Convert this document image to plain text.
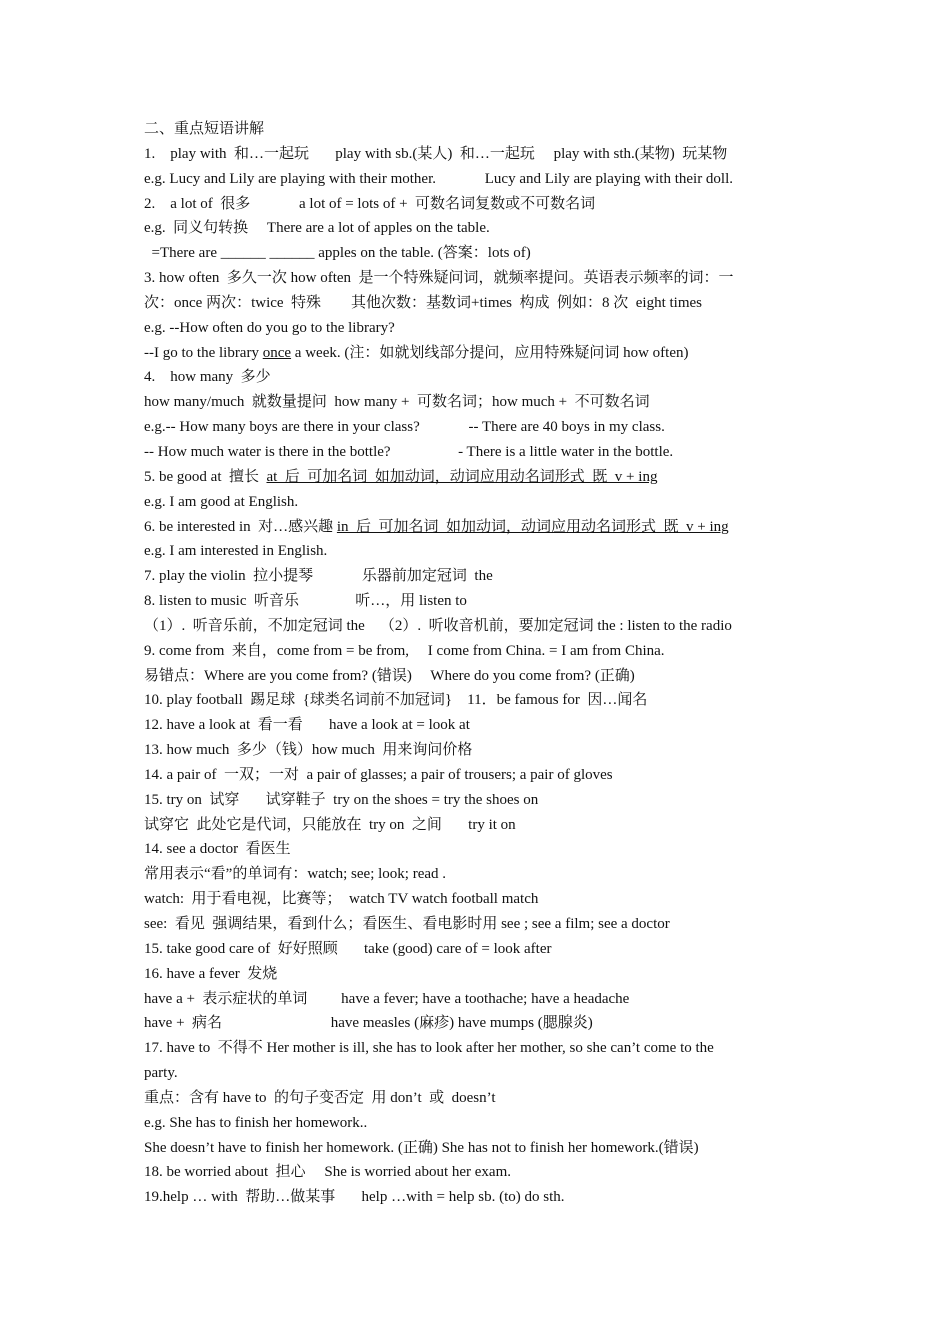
二、重点短语讲解
1.    play with  和…一起玩       play with sb.(某人)  和…一起玩     play with sth.(某物)  玩某物
e.g. Lucy and Lily are playing with their mother.             Lucy and Lily are playing with their doll.
2.    a lot of  很多             a lot of = lots of +  可数名词复数或不可数名词
e.g.  同义句转换     There are a lot of apples on the table.
=There are ______ ______ apples on the table. (答案：lots of)
3. how often  多久一次 how often  是一个特殊疑问词，就频率提问。英语表示频率的词：一
次：once 两次：twice  特殊        其他次数：基数词+times  构成  例如：8 次  eight times
e.g. --How often do you go to the library?
--I go to the library once a week. (注：如就划线部分提问，应用特殊疑问词 how often)
4.    how many  多少
how many/much  就数量提问  how many +  可数名词；how much +  不可数名词
e.g.-- How many boys are there in your class?             -- There are 40 boys in my class.
-- How much water is there in the bottle?                  - There is a little water in the bottle.
5. be good at  擅长  at  后  可加名词  如加动词，动词应用动名词形式  既  v + ing
e.g. I am good at English.
6. be interested in  对…感兴趣 in  后  可加名词  如加动词，动词应用动名词形式  既  v + ing
e.g. I am interested in English.
7. play the violin  拉小提琴             乐器前加定冠词  the
8. listen to music  听音乐               听…，用 listen to
（1）.  听音乐前，不加定冠词 the    （2）.  听收音机前，要加定冠词 the : listen to the radio
9. come from  来自，come from = be from,     I come from China. = I am from China.
易错点：Where are you come from? (错误)     Where do you come from? (正确)
10. play football  踢足球  {球类名词前不加冠词}    11．be famous for  因…闻名
12. have a look at  看一看       have a look at = look at
13. how much  多少（钱）how much  用来询问价格
14. a pair of  一双；一对  a pair of glasses; a pair of trousers; a pair of gloves
15. try on  试穿       试穿鞋子  try on the shoes = try the shoes on
试穿它  此处它是代词，只能放在  try on  之间       try it on
14. see a doctor  看医生
常用表示“看”的单词有：watch; see; look; read .
watch:  用于看电视，比赛等；  watch TV watch football match
see:  看见  强调结果，看到什么；看医生、看电影时用 see ; see a film; see a doctor
15. take good care of  好好照顾       take (good) care of = look after
16. have a fever  发烧
have a +  表示症状的单词         have a fever; have a toothache; have a headache
have +  病名                             have measles (麻疹) have mumps (腮腺炎)
17. have to  不得不 Her mother is ill, she has to look after her mother, so she can’t come to the
party.
重点：含有 have to  的句子变否定  用 don’t  或  doesn’t
e.g. She has to finish her homework..
She doesn’t have to finish her homework. (正确) She has not to finish her homework.(错误)
18. be worried about  担心     She is worried about her exam.
19.help … with  帮助…做某事       help …with = help sb. (to) do sth.
